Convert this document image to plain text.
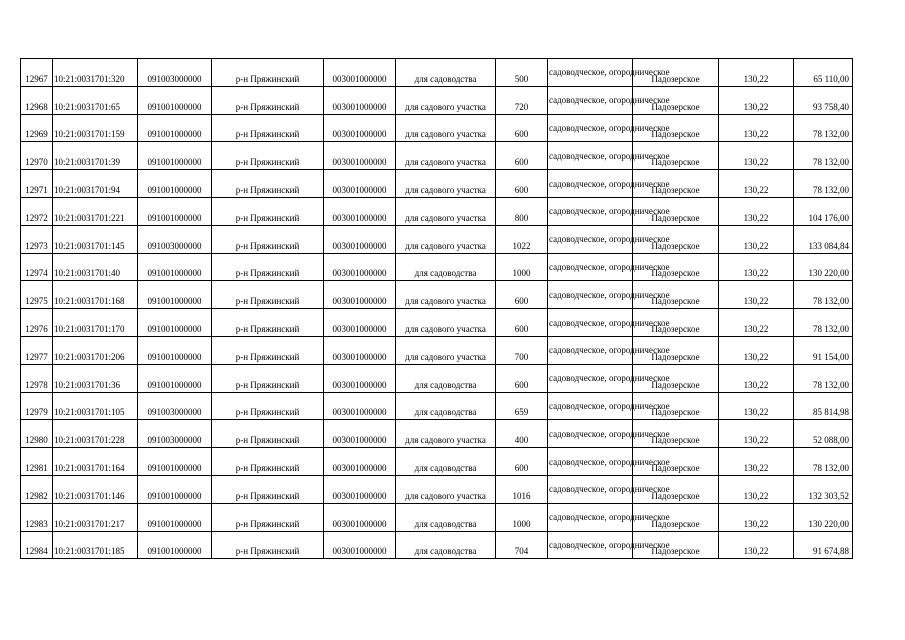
12967	10:21:0031701:320	091003000000	р-н Пряжинский	003001000000	для садоводства	500	садоводческое, огородническое	Падозерское	130,22	65 110,00
12968	10:21:0031701:65	091001000000	р-н Пряжинский	003001000000	для садового участка	720	садоводческое, огородническое	Падозерское	130,22	93 758,40
12969	10:21:0031701:159	091001000000	р-н Пряжинский	003001000000	для садового участка	600	садоводческое, огородническое	Падозерское	130,22	78 132,00
12970	10:21:0031701:39	091001000000	р-н Пряжинский	003001000000	для садового участка	600	садоводческое, огородническое	Падозерское	130,22	78 132,00
12971	10:21:0031701:94	091001000000	р-н Пряжинский	003001000000	для садового участка	600	садоводческое, огородническое	Падозерское	130,22	78 132,00
12972	10:21:0031701:221	091001000000	р-н Пряжинский	003001000000	для садового участка	800	садоводческое, огородническое	Падозерское	130,22	104 176,00
12973	10:21:0031701:145	091003000000	р-н Пряжинский	003001000000	для садового участка	1022	садоводческое, огородническое	Падозерское	130,22	133 084,84
12974	10:21:0031701:40	091001000000	р-н Пряжинский	003001000000	для садоводства	1000	садоводческое, огородническое	Падозерское	130,22	130 220,00
12975	10:21:0031701:168	091001000000	р-н Пряжинский	003001000000	для садового участка	600	садоводческое, огородническое	Падозерское	130,22	78 132,00
12976	10:21:0031701:170	091001000000	р-н Пряжинский	003001000000	для садового участка	600	садоводческое, огородническое	Падозерское	130,22	78 132,00
12977	10:21:0031701:206	091001000000	р-н Пряжинский	003001000000	для садового участка	700	садоводческое, огородническое	Падозерское	130,22	91 154,00
12978	10:21:0031701:36	091001000000	р-н Пряжинский	003001000000	для садоводства	600	садоводческое, огородническое	Падозерское	130,22	78 132,00
12979	10:21:0031701:105	091003000000	р-н Пряжинский	003001000000	для садоводства	659	садоводческое, огородническое	Падозерское	130,22	85 814,98
12980	10:21:0031701:228	091003000000	р-н Пряжинский	003001000000	для садового участка	400	садоводческое, огородническое	Падозерское	130,22	52 088,00
12981	10:21:0031701:164	091001000000	р-н Пряжинский	003001000000	для садоводства	600	садоводческое, огородническое	Падозерское	130,22	78 132,00
12982	10:21:0031701:146	091001000000	р-н Пряжинский	003001000000	для садового участка	1016	садоводческое, огородническое	Падозерское	130,22	132 303,52
12983	10:21:0031701:217	091001000000	р-н Пряжинский	003001000000	для садоводства	1000	садоводческое, огородническое	Падозерское	130,22	130 220,00
12984	10:21:0031701:185	091001000000	р-н Пряжинский	003001000000	для садоводства	704	садоводческое, огородническое	Падозерское	130,22	91 674,88
